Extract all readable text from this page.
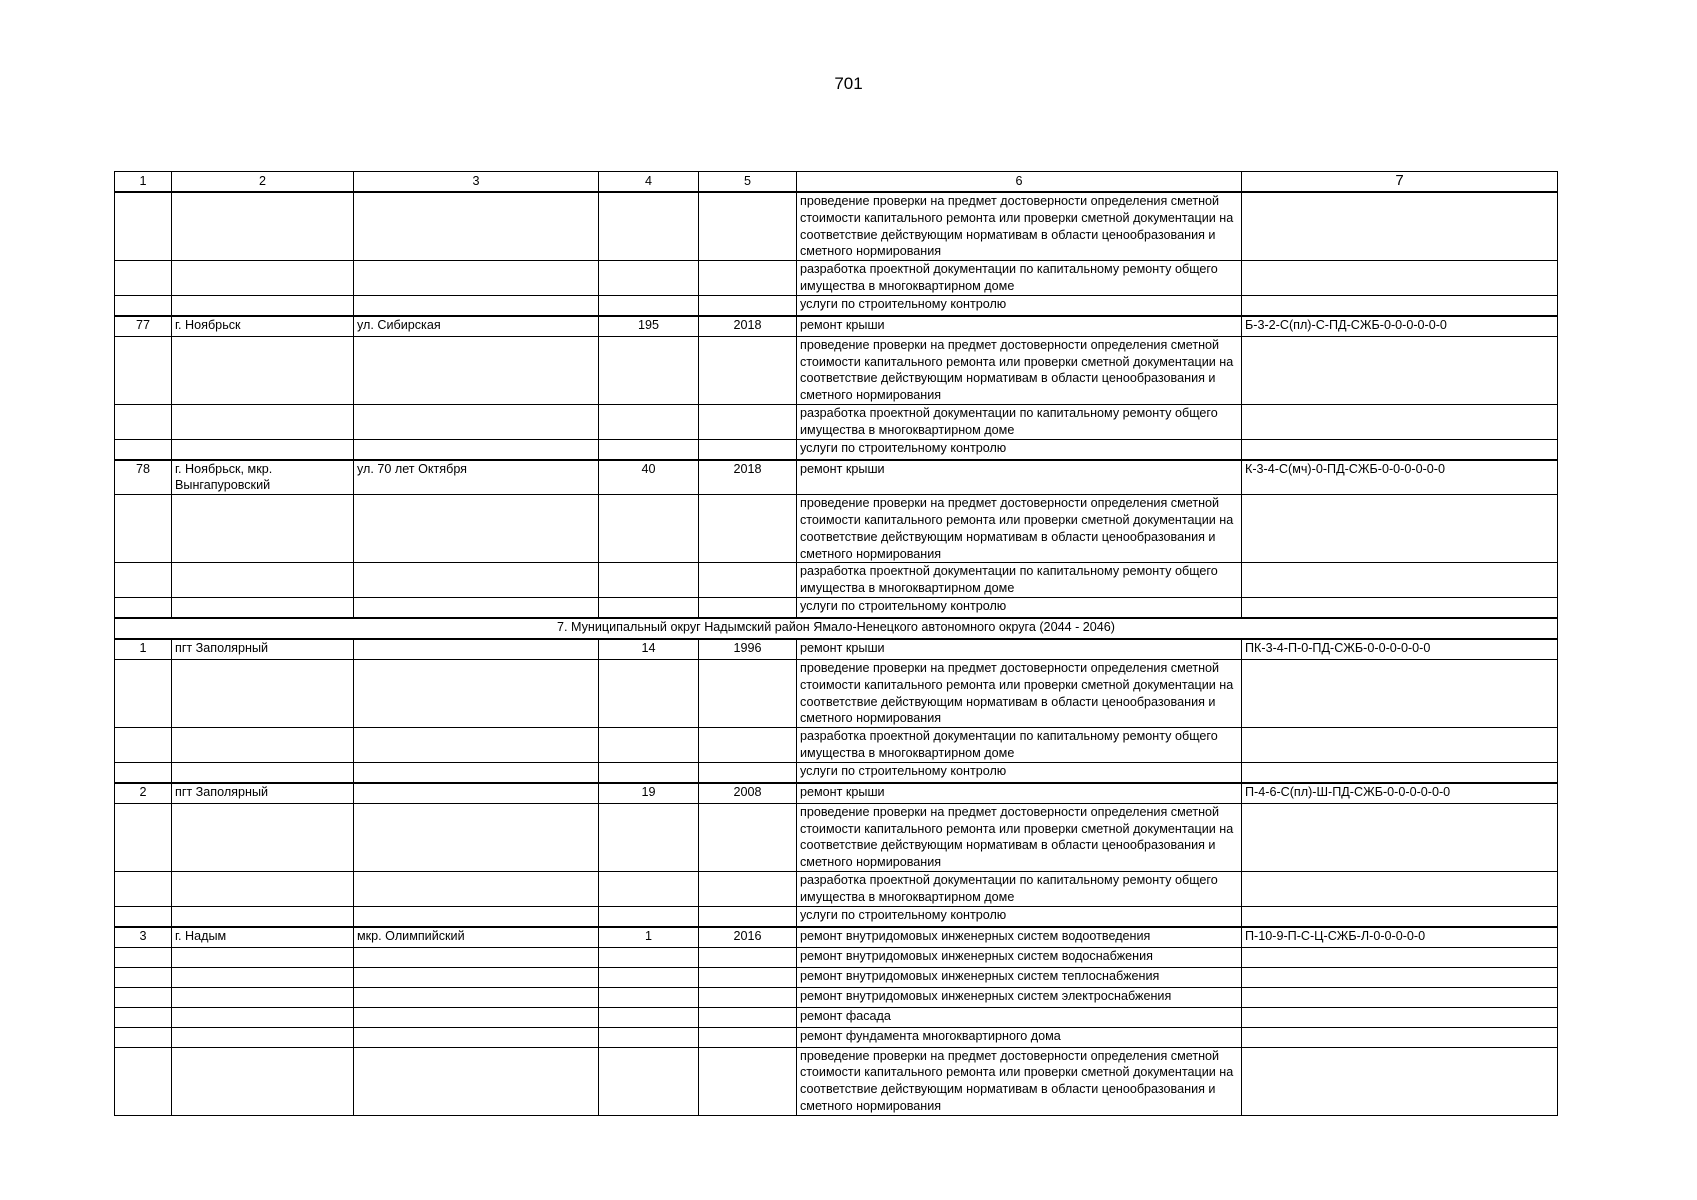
701
1	2	3	4	5	6	7
					проведение проверки на предмет достоверности определения сметной стоимости капитального ремонта или проверки сметной документации на соответствие действующим нормативам в области ценообразования и сметного нормирования	
					разработка проектной документации по капитальному ремонту общего имущества в многоквартирном доме	
					услуги по строительному контролю	
77	г. Ноябрьск	ул. Сибирская	195	2018	ремонт крыши	Б-3-2-С(пл)-С-ПД-СЖБ-0-0-0-0-0-0
					проведение проверки на предмет достоверности определения сметной стоимости капитального ремонта или проверки сметной документации на соответствие действующим нормативам в области ценообразования и сметного нормирования	
					разработка проектной документации по капитальному ремонту общего имущества в многоквартирном доме	
					услуги по строительному контролю	
78	г. Ноябрьск, мкр. Вынгапуровский	ул. 70 лет Октября	40	2018	ремонт крыши	К-3-4-С(мч)-0-ПД-СЖБ-0-0-0-0-0-0
					проведение проверки на предмет достоверности определения сметной стоимости капитального ремонта или проверки сметной документации на соответствие действующим нормативам в области ценообразования и сметного нормирования	
					разработка проектной документации по капитальному ремонту общего имущества в многоквартирном доме	
					услуги по строительному контролю	
7. Муниципальный округ Надымский район Ямало-Ненецкого автономного округа (2044 - 2046)						
1	пгт Заполярный		14	1996	ремонт крыши	ПК-3-4-П-0-ПД-СЖБ-0-0-0-0-0-0
					проведение проверки на предмет достоверности определения сметной стоимости капитального ремонта или проверки сметной документации на соответствие действующим нормативам в области ценообразования и сметного нормирования	
					разработка проектной документации по капитальному ремонту общего имущества в многоквартирном доме	
					услуги по строительному контролю	
2	пгт Заполярный		19	2008	ремонт крыши	П-4-6-С(пл)-Ш-ПД-СЖБ-0-0-0-0-0-0
					проведение проверки на предмет достоверности определения сметной стоимости капитального ремонта или проверки сметной документации на соответствие действующим нормативам в области ценообразования и сметного нормирования	
					разработка проектной документации по капитальному ремонту общего имущества в многоквартирном доме	
					услуги по строительному контролю	
3	г. Надым	мкр. Олимпийский	1	2016	ремонт внутридомовых инженерных систем водоотведения	П-10-9-П-С-Ц-СЖБ-Л-0-0-0-0-0
					ремонт внутридомовых инженерных систем водоснабжения	
					ремонт внутридомовых инженерных систем теплоснабжения	
					ремонт внутридомовых инженерных систем электроснабжения	
					ремонт фасада	
					ремонт фундамента многоквартирного дома	
					проведение проверки на предмет достоверности определения сметной стоимости капитального ремонта или проверки сметной документации на соответствие действующим нормативам в области ценообразования и сметного нормирования	
